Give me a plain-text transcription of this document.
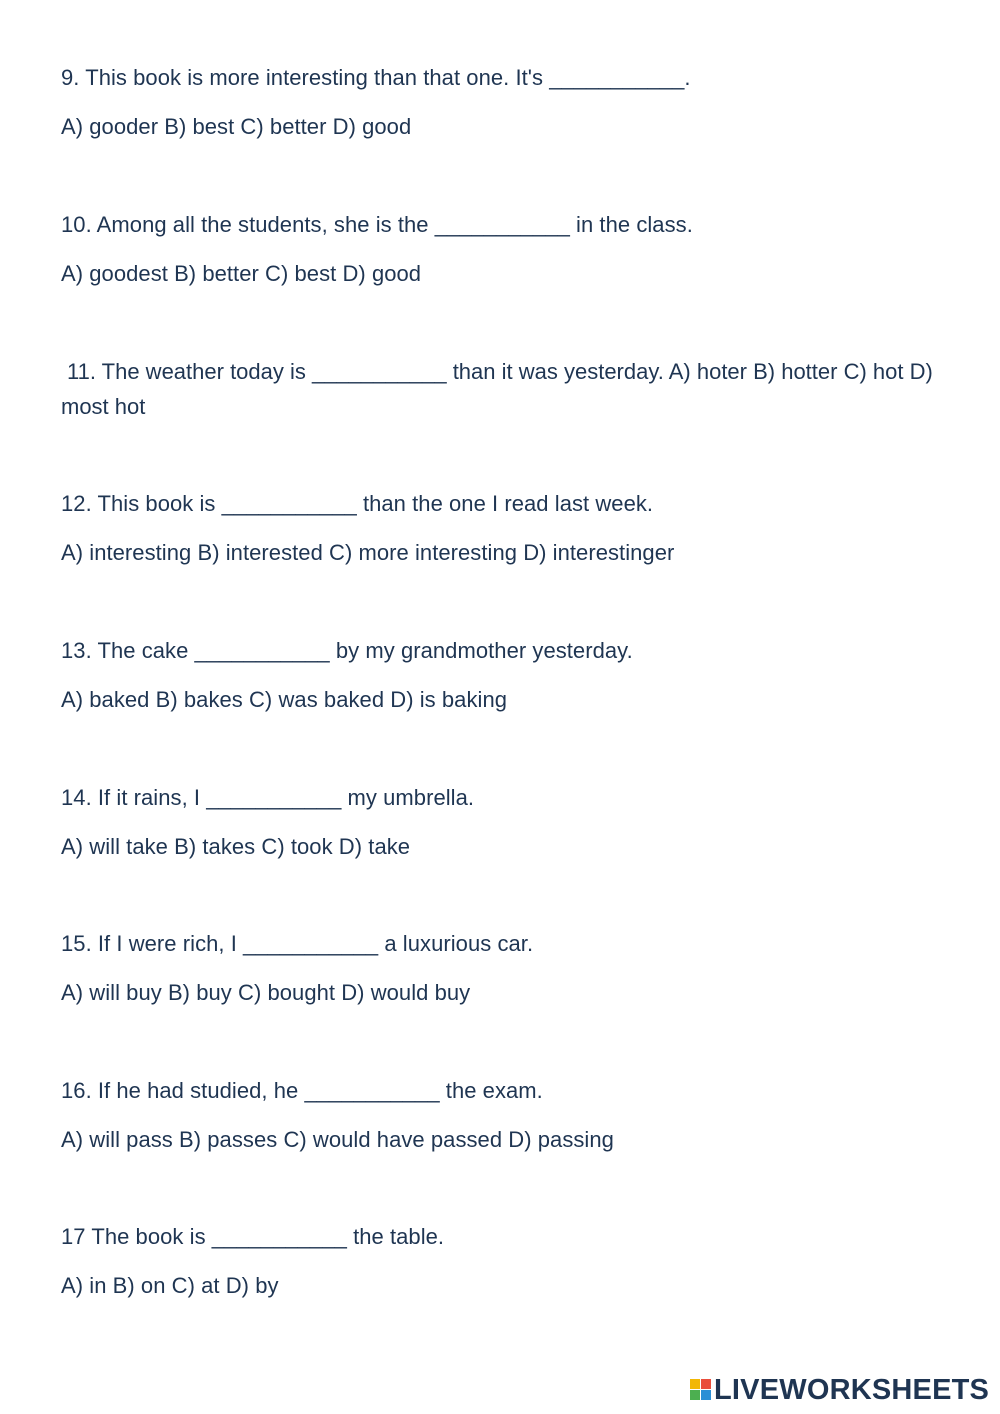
9. This book is more interesting than that one. It's ___________.
A) gooder B) best C) better D) good
10. Among all the students, she is the ___________ in the class.
A) goodest B) better C) best D) good
11. The weather today is ___________ than it was yesterday. A) hoter B) hotter C) hot D) most hot
12. This book is ___________ than the one I read last week.
A) interesting B) interested C) more interesting D) interestinger
13. The cake ___________ by my grandmother yesterday.
A) baked B) bakes C) was baked D) is baking
14. If it rains, I ___________ my umbrella.
A) will take B) takes C) took D) take
15. If I were rich, I ___________ a luxurious car.
A) will buy B) buy C) bought D) would buy
16. If he had studied, he ___________ the exam.
A) will pass B) passes C) would have passed D) passing
17 The book is ___________ the table.
A) in B) on C) at D) by
LIVEWORKSHEETS
